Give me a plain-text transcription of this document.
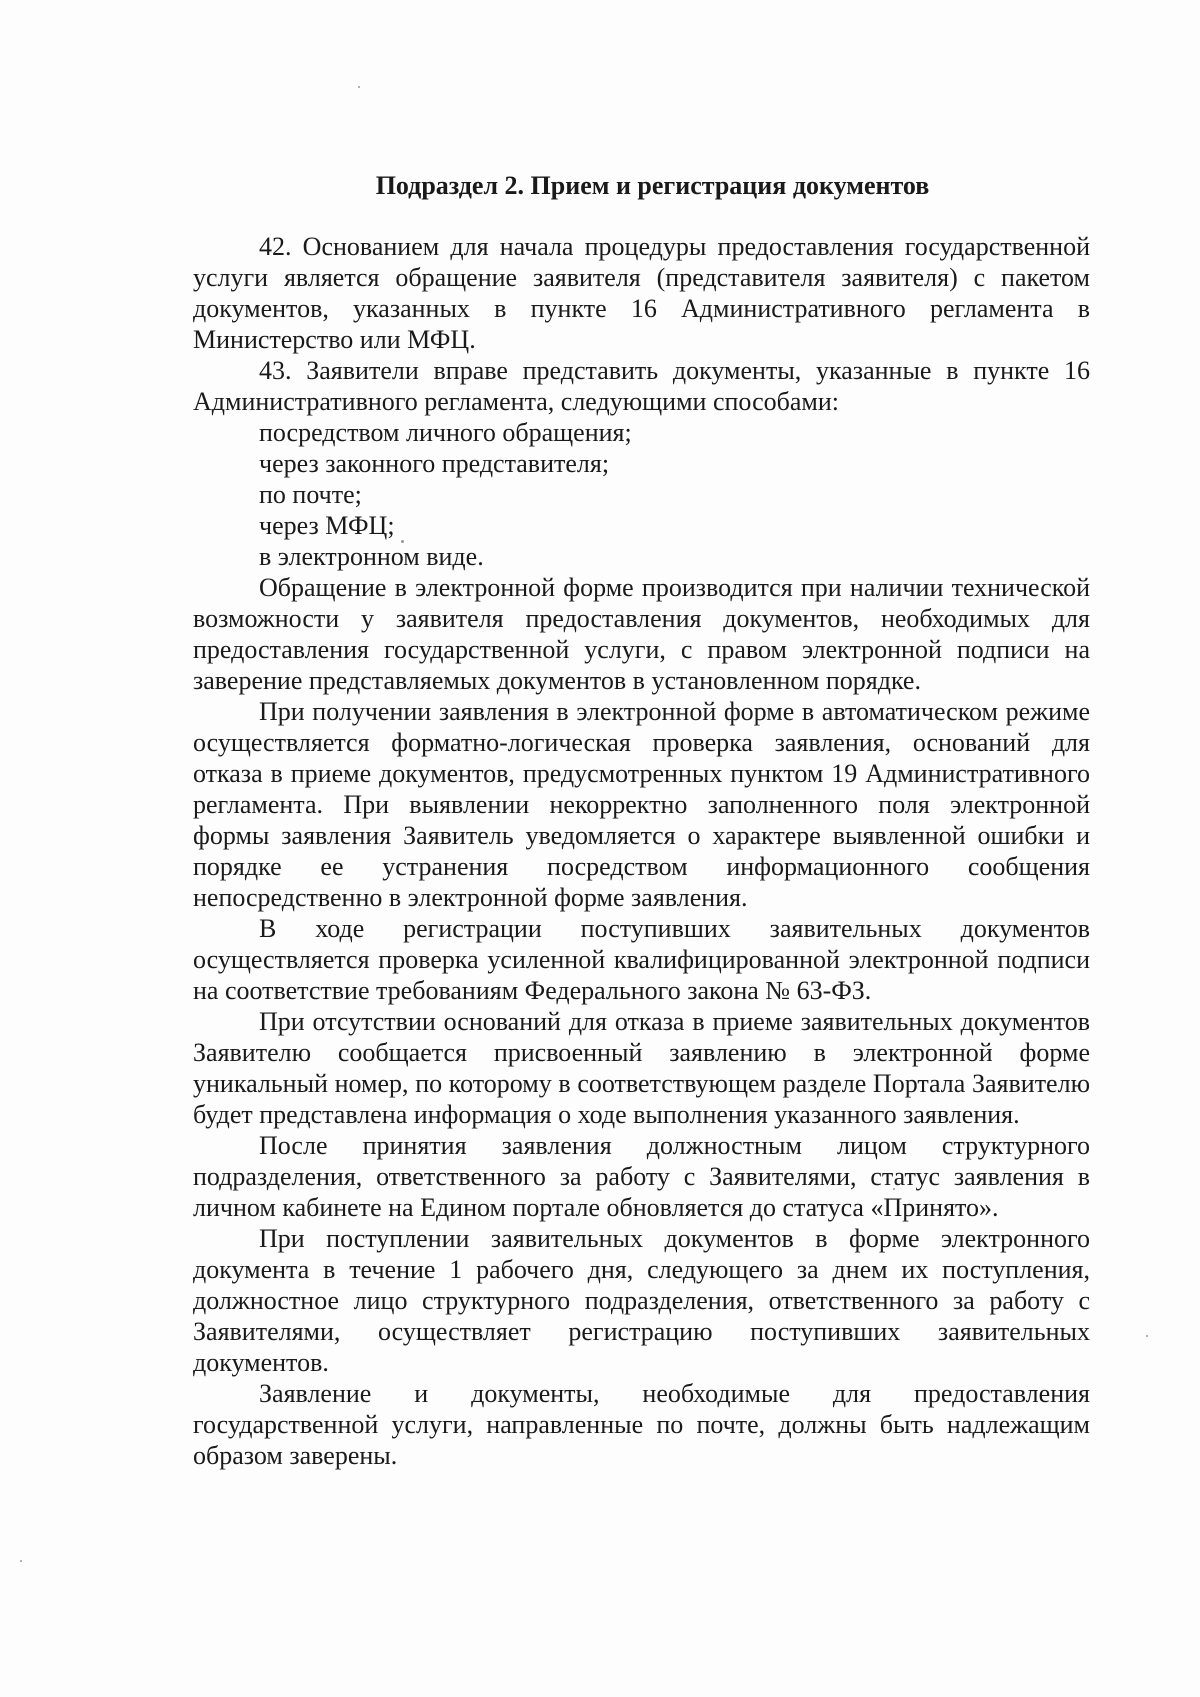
Подраздел 2. Прием и регистрация документов

42. Основанием для начала процедуры предоставления государственной услуги является обращение заявителя (представителя заявителя) с пакетом документов, указанных в пункте 16 Административного регламента в Министерство или МФЦ.

43. Заявители вправе представить документы, указанные в пункте 16 Административного регламента, следующими способами:

посредством личного обращения;

через законного представителя;

по почте;

через МФЦ;

в электронном виде.

Обращение в электронной форме производится при наличии технической возможности у заявителя предоставления документов, необходимых для предоставления государственной услуги, с правом электронной подписи на заверение представляемых документов в установленном порядке.

При получении заявления в электронной форме в автоматическом режиме осуществляется форматно-логическая проверка заявления, оснований для отказа в приеме документов, предусмотренных пунктом 19 Административного регламента. При выявлении некорректно заполненного поля электронной формы заявления Заявитель уведомляется о характере выявленной ошибки и порядке ее устранения посредством информационного сообщения непосредственно в электронной форме заявления.

В ходе регистрации поступивших заявительных документов осуществляется проверка усиленной квалифицированной электронной подписи на соответствие требованиям Федерального закона № 63-ФЗ.

При отсутствии оснований для отказа в приеме заявительных документов Заявителю сообщается присвоенный заявлению в электронной форме уникальный номер, по которому в соответствующем разделе Портала Заявителю будет представлена информация о ходе выполнения указанного заявления.

После принятия заявления должностным лицом структурного подразделения, ответственного за работу с Заявителями, статус заявления в личном кабинете на Едином портале обновляется до статуса «Принято».

При поступлении заявительных документов в форме электронного документа в течение 1 рабочего дня, следующего за днем их поступления, должностное лицо структурного подразделения, ответственного за работу с Заявителями, осуществляет регистрацию поступивших заявительных документов.

Заявление и документы, необходимые для предоставления государственной услуги, направленные по почте, должны быть надлежащим образом заверены.
